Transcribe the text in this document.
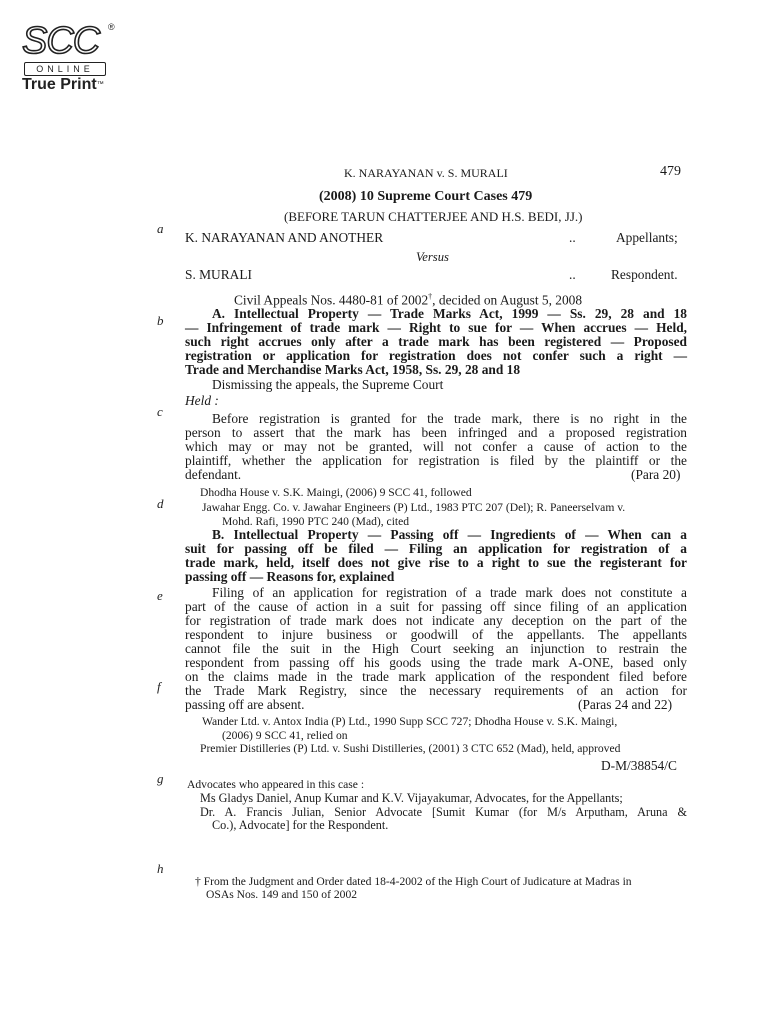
SCC ®
ONLINE
True Print™
K. NARAYANAN v. S. MURALI	479
(2008) 10 Supreme Court Cases 479
(BEFORE TARUN CHATTERJEE AND H.S. BEDI, JJ.)
a
b
c
d
e
f
g
h
K. NARAYANAN AND ANOTHER	..	Appellants;
Versus
S. MURALI	..	Respondent.
Civil Appeals Nos. 4480-81 of 2002†, decided on August 5, 2008
A. Intellectual Property — Trade Marks Act, 1999 — Ss. 29, 28 and 18
— Infringement of trade mark — Right to sue for — When accrues — Held,
such right accrues only after a trade mark has been registered — Proposed
registration or application for registration does not confer such a right —
Trade and Merchandise Marks Act, 1958, Ss. 29, 28 and 18
Dismissing the appeals, the Supreme Court
Held :
Before registration is granted for the trade mark, there is no right in the
person to assert that the mark has been infringed and a proposed registration
which may or may not be granted, will not confer a cause of action to the
plaintiff, whether the application for registration is filed by the plaintiff or the
defendant.	(Para 20)
Dhodha House v. S.K. Maingi, (2006) 9 SCC 41, followed
Jawahar Engg. Co. v. Jawahar Engineers (P) Ltd., 1983 PTC 207 (Del); R. Paneerselvam v.
Mohd. Rafi, 1990 PTC 240 (Mad), cited
B. Intellectual Property — Passing off — Ingredients of — When can a
suit for passing off be filed — Filing an application for registration of a
trade mark, held, itself does not give rise to a right to sue the registerant for
passing off — Reasons for, explained
Filing of an application for registration of a trade mark does not constitute a
part of the cause of action in a suit for passing off since filing of an application
for registration of trade mark does not indicate any deception on the part of the
respondent to injure business or goodwill of the appellants. The appellants
cannot file the suit in the High Court seeking an injunction to restrain the
respondent from passing off his goods using the trade mark A-ONE, based only
on the claims made in the trade mark application of the respondent filed before
the Trade Mark Registry, since the necessary requirements of an action for
passing off are absent.	(Paras 24 and 22)
Wander Ltd. v. Antox India (P) Ltd., 1990 Supp SCC 727; Dhodha House v. S.K. Maingi,
(2006) 9 SCC 41, relied on
Premier Distilleries (P) Ltd. v. Sushi Distilleries, (2001) 3 CTC 652 (Mad), held, approved
D-M/38854/C
Advocates who appeared in this case :
Ms Gladys Daniel, Anup Kumar and K.V. Vijayakumar, Advocates, for the Appellants;
Dr. A. Francis Julian, Senior Advocate [Sumit Kumar (for M/s Arputham, Aruna &
Co.), Advocate] for the Respondent.
† From the Judgment and Order dated 18-4-2002 of the High Court of Judicature at Madras in
OSAs Nos. 149 and 150 of 2002
